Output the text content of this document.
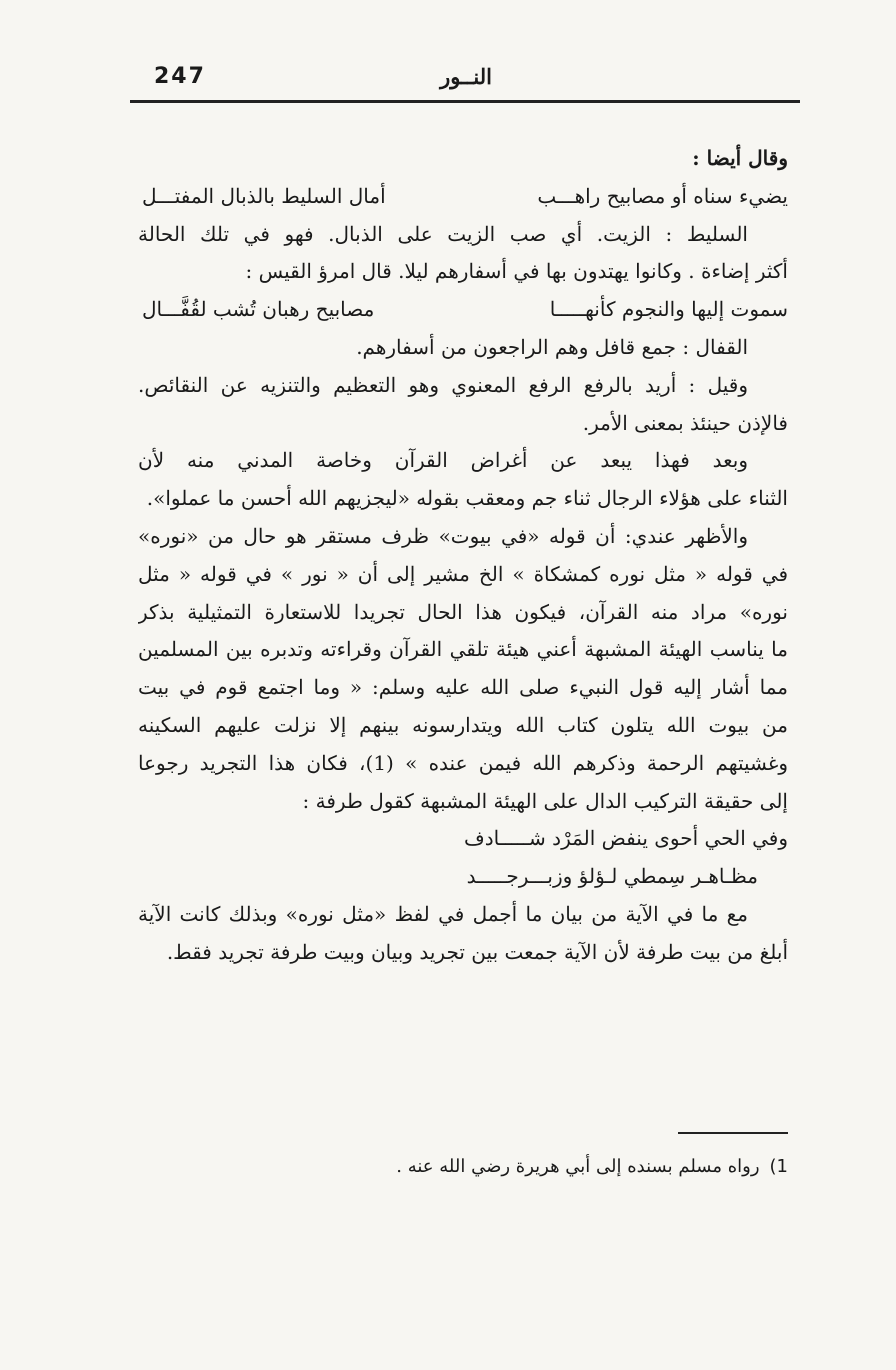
247	النــور
وقال أيضا :
يضيء سناه أو مصابيح راهـــب
أمال السليط بالذبال المفتـــل
السليط : الزيت. أي صب الزيت على الذبال. فهو في تلك الحالة
أكثر إضاءة . وكانوا يهتدون بها في أسفارهم ليلا. قال امرؤ القيس :
سموت إليها والنجوم كأنهـــــا
مصابيح رهبان تُشب لقُفَّـــال
القفال : جمع قافل وهم الراجعون من أسفارهم.
وقيل : أريد بالرفع الرفع المعنوي وهو التعظيم والتنزيه عن النقائص.
فالإذن حينئذ بمعنى الأمر.
وبعد فهذا يبعد عن أغراض القرآن وخاصة المدني منه لأن
الثناء على هؤلاء الرجال ثناء جم ومعقب بقوله «ليجزيهم الله أحسن ما عملوا».
والأظهر عندي: أن قوله «في بيوت» ظرف مستقر هو حال من «نوره»
في قوله « مثل نوره كمشكاة » الخ مشير إلى أن « نور » في قوله « مثل
نوره» مراد منه القرآن، فيكون هذا الحال تجريدا للاستعارة التمثيلية بذكر
ما يناسب الهيئة المشبهة أعني هيئة تلقي القرآن وقراءته وتدبره بين المسلمين
مما أشار إليه قول النبيء صلى الله عليه وسلم: « وما اجتمع قوم في بيت
من بيوت الله يتلون كتاب الله ويتدارسونه بينهم إلا نزلت عليهم السكينه
وغشيتهم الرحمة وذكرهم الله فيمن عنده » (1)، فكان هذا التجريد رجوعا
إلى حقيقة التركيب الدال على الهيئة المشبهة كقول طرفة :
وفي الحي أحوى ينفض المَرْد شـــــادف
مظـاهـر سِمطي لـؤلؤ وزبـــرجـــــد
مع ما في الآية من بيان ما أجمل في لفظ «مثل نوره» وبذلك كانت الآية
أبلغ من بيت طرفة لأن الآية جمعت بين تجريد وبيان وبيت طرفة تجريد فقط.
1)رواه مسلم بسنده إلى أبي هريرة رضي الله عنه .
